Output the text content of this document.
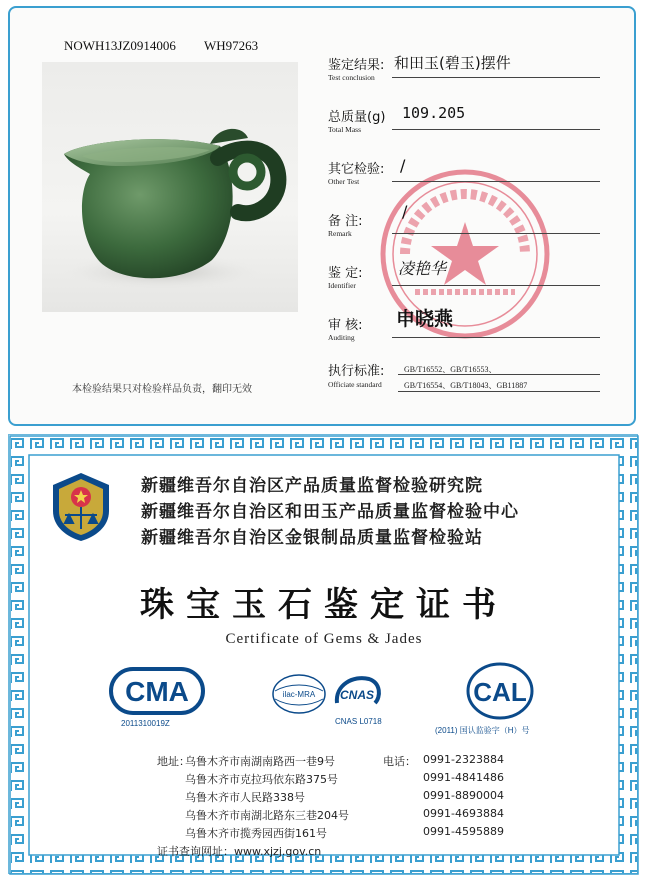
NOWH13JZ0914006 WH97263
本检验结果只对检验样品负责，翻印无效
鉴定结果:
Test conclusion
和田玉(碧玉)摆件
总质量(g)
Total Mass
109.205
其它检验:
Other Test
/
备 注:
Remark
/
鉴 定:
Identifier
凌艳华
审 核:
Auditing
申晓燕
执行标准: GB/T16552、GB/T16553、
Officiate standard	GB/T16554、GB/T18043、GB11887
新疆维吾尔自治区产品质量监督检验研究院
新疆维吾尔自治区和田玉产品质量监督检验中心
新疆维吾尔自治区金银制品质量监督检验站
珠宝玉石鉴定证书
Certificate of Gems & Jades
CMA
2011310019Z
ilac-MRA CNAS
CNAS L0718
CAL
(2011) 国认监验字（H）号
地址：
乌鲁木齐市南湖南路西一巷9号
乌鲁木齐市克拉玛依东路375号
乌鲁木齐市人民路338号
乌鲁木齐市南湖北路东三巷204号
乌鲁木齐市揽秀园西街161号
电话： 0991-2323884
0991-4841486
0991-8890004
0991-4693884
0991-4595889
证书查询网址：www.xjzj.gov.cn
